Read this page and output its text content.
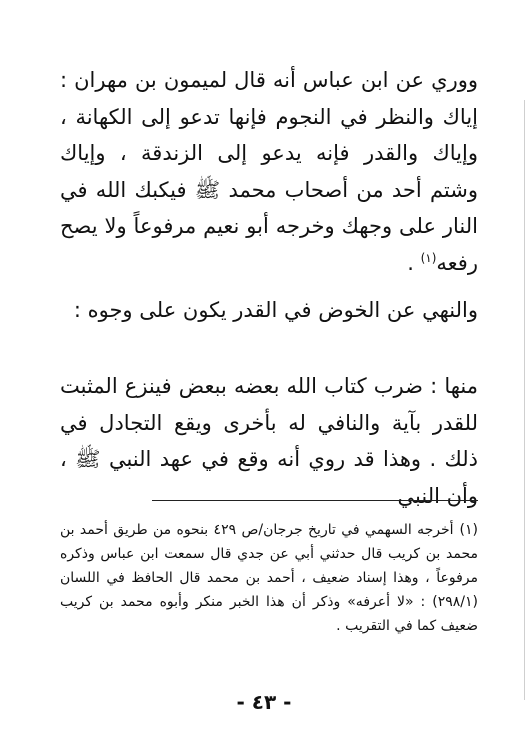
ووري عن ابن عباس أنه قال لميمون بن مهران : إياك والنظر في النجوم فإنها تدعو إلى الكهانة ، وإياك والقدر فإنه يدعو إلى الزندقة ، وإياك وشتم أحد من أصحاب محمد ﷺ فيكبك الله في النار على وجهك وخرجه أبو نعيم مرفوعاً ولا يصح رفعه$^{(١)}$ .

والنهي عن الخوض في القدر يكون على وجوه :

منها : ضرب كتاب الله بعضه ببعض فينزع المثبت للقدر بآية والنافي له بأخرى ويقع التجادل في ذلك . وهذا قد روي أنه وقع في عهد النبي ﷺ ، وأن النبي

(١)أخرجه السهمي في تاريخ جرجان/ص ٤٢٩ بنحوه من طريق أحمد بن محمد بن كريب قال حدثني أبي عن جدي قال سمعت ابن عباس وذكره مرفوعاً ، وهذا إسناد ضعيف ، أحمد بن محمد قال الحافظ في اللسان (٢٩٨/١) : «لا أعرفه» وذكر أن هذا الخبر منكر وأبوه محمد بن كريب ضعيف كما في التقريب .

- ٤٣ -
